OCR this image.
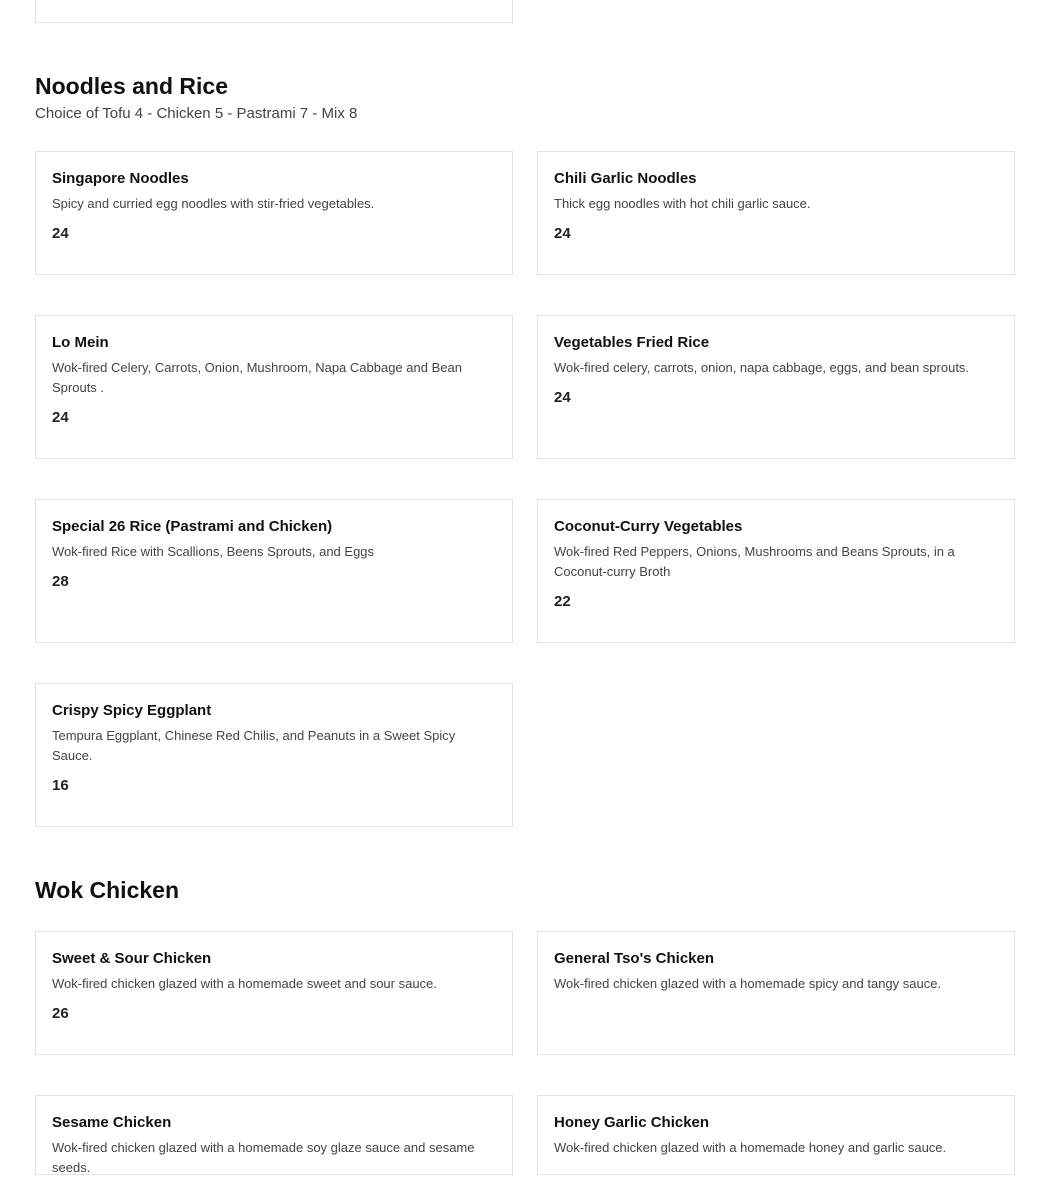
Noodles and Rice
Choice of Tofu 4 - Chicken 5 - Pastrami 7 - Mix 8
Singapore Noodles
Spicy and curried egg noodles with stir-fried vegetables.
24
Chili Garlic Noodles
Thick egg noodles with hot chili garlic sauce.
24
Lo Mein
Wok-fired Celery, Carrots, Onion, Mushroom, Napa Cabbage and Bean Sprouts .
24
Vegetables Fried Rice
Wok-fired celery, carrots, onion, napa cabbage, eggs, and bean sprouts.
24
Special 26 Rice (Pastrami and Chicken)
Wok-fired Rice with Scallions, Beens Sprouts, and Eggs
28
Coconut-Curry Vegetables
Wok-fired Red Peppers, Onions, Mushrooms and Beans Sprouts, in a Coconut-curry Broth
22
Crispy Spicy Eggplant
Tempura Eggplant, Chinese Red Chilis, and Peanuts in a Sweet Spicy Sauce.
16
Wok Chicken
Sweet & Sour Chicken
Wok-fired chicken glazed with a homemade sweet and sour sauce.
26
General Tso's Chicken
Wok-fired chicken glazed with a homemade spicy and tangy sauce.
Sesame Chicken
Wok-fired chicken glazed with a homemade soy glaze sauce and sesame seeds.
Honey Garlic Chicken
Wok-fired chicken glazed with a homemade honey and garlic sauce.
